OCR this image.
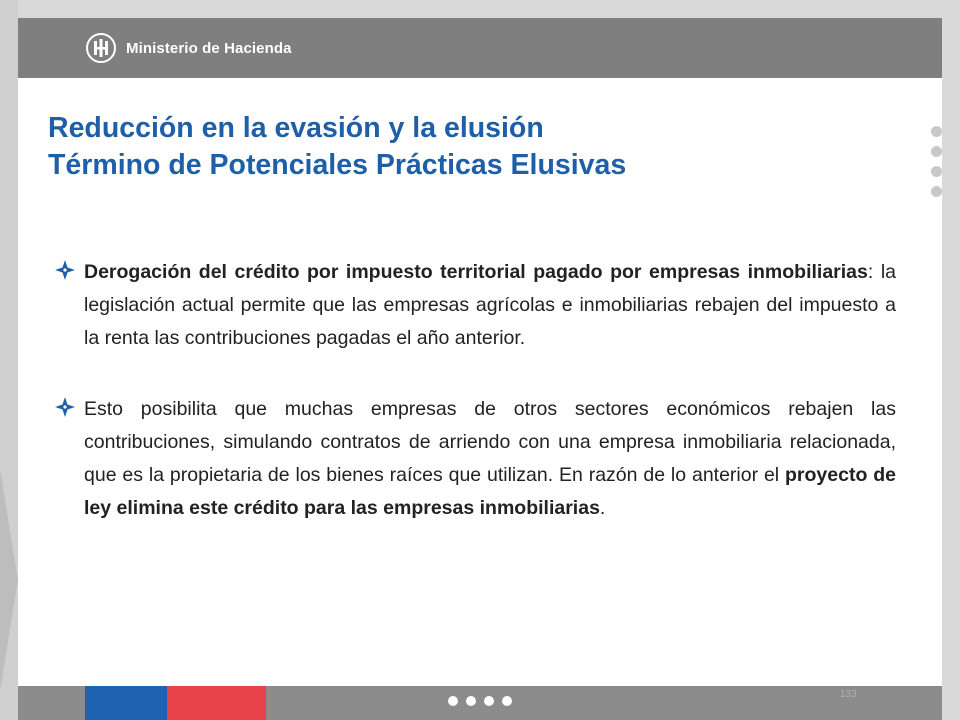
Ministerio de Hacienda
Reducción en la evasión y la elusión
Término de Potenciales Prácticas Elusivas
Derogación del crédito por impuesto territorial pagado por empresas inmobiliarias: la legislación actual permite que las empresas agrícolas e inmobiliarias rebajen del impuesto a la renta las contribuciones pagadas el año anterior.
Esto posibilita que muchas empresas de otros sectores económicos rebajen las contribuciones, simulando contratos de arriendo con una empresa inmobiliaria relacionada, que es la propietaria de los bienes raíces que utilizan. En razón de lo anterior el proyecto de ley elimina este crédito para las empresas inmobiliarias.
133
